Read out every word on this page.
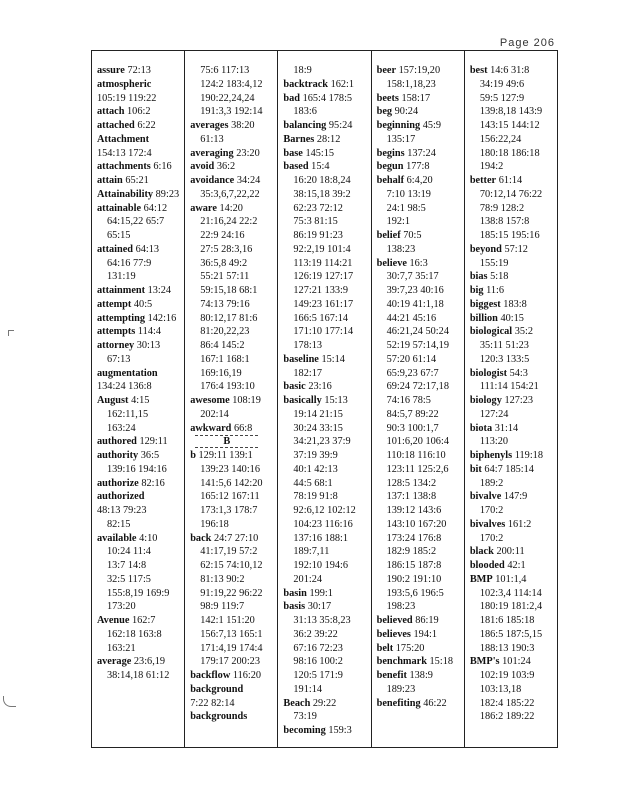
Page 206
assure 72:13
atmospheric 105:19 119:22
attach 106:2
attached 6:22
Attachment 154:13 172:4
attachments 6:16
attain 65:21
Attainability 89:23
attainable 64:12
64:15,22 65:7
65:15
attained 64:13
64:16 77:9
131:19
attainment 13:24
attempt 40:5
attempting 142:16
attempts 114:4
attorney 30:13
67:13
augmentation 134:24 136:8
August 4:15
162:11,15
163:24
authored 129:11
authority 36:5
139:16 194:16
authorize 82:16
authorized 48:13 79:23
82:15
available 4:10
10:24 11:4
13:7 14:8
32:5 117:5
155:8,19 169:9
173:20
Avenue 162:7
162:18 163:8
163:21
average 23:6,19
38:14,18 61:12
75:6 117:13
124:2 183:4,12
190:22,24,24
191:3,3 192:14
averages 38:20
61:13
averaging 23:20
avoid 36:2
avoidance 34:24
35:3,6,7,22,22
aware 14:20
21:16,24 22:2
22:9 24:16
27:5 28:3,16
36:5,8 49:2
55:21 57:11
59:15,18 68:1
74:13 79:16
80:12,17 81:6
81:20,22,23
86:4 145:2
167:1 168:1
169:16,19
176:4 193:10
awesome 108:19
202:14
awkward 66:8
B
b 129:11 139:1
139:23 140:16
141:5,6 142:20
165:12 167:11
173:1,3 178:7
196:18
back 24:7 27:10
41:17,19 57:2
62:15 74:10,12
81:13 90:2
91:19,22 96:22
98:9 119:7
142:1 151:20
156:7,13 165:1
171:4,19 174:4
179:17 200:23
backflow 116:20
background 7:22 82:14
backgrounds
18:9
backtrack 162:1
bad 165:4 178:5
183:6
balancing 95:24
Barnes 28:12
base 145:15
based 15:4
16:20 18:8,24
38:15,18 39:2
62:23 72:12
75:3 81:15
86:19 91:23
92:2,19 101:4
113:19 114:21
126:19 127:17
127:21 133:9
149:23 161:17
166:5 167:14
171:10 177:14
178:13
baseline 15:14
182:17
basic 23:16
basically 15:13
19:14 21:15
30:24 33:15
34:21,23 37:9
37:19 39:9
40:1 42:13
44:5 68:1
78:19 91:8
92:6,12 102:12
104:23 116:16
137:16 188:1
189:7,11
192:10 194:6
201:24
basin 199:1
basis 30:17
31:13 35:8,23
36:2 39:22
67:16 72:23
98:16 100:2
120:5 171:9
191:14
Beach 29:22
73:19
becoming 159:3
beer 157:19,20
158:1,18,23
beets 158:17
beg 90:24
beginning 45:9
135:17
begins 137:24
begun 177:8
behalf 6:4,20
7:10 13:19
24:1 98:5
192:1
belief 70:5
138:23
believe 16:3
30:7,7 35:17
39:7,23 40:16
40:19 41:1,18
44:21 45:16
46:21,24 50:24
52:19 57:14,19
57:20 61:14
65:9,23 67:7
69:24 72:17,18
74:16 78:5
84:5,7 89:22
90:3 100:1,7
101:6,20 106:4
110:18 116:10
123:11 125:2,6
128:5 134:2
137:1 138:8
139:12 143:6
143:10 167:20
173:24 176:8
182:9 185:2
186:15 187:8
190:2 191:10
193:5,6 196:5
198:23
believed 86:19
believes 194:1
belt 175:20
benchmark 15:18
benefit 138:9
189:23
benefiting 46:22
best 14:6 31:8
34:19 49:6
59:5 127:9
139:8,18 143:9
143:15 144:12
156:22,24
180:18 186:18
194:2
better 61:14
70:12,14 76:22
78:9 128:2
138:8 157:8
185:15 195:16
beyond 57:12
155:19
bias 5:18
big 11:6
biggest 183:8
billion 40:15
biological 35:2
35:11 51:23
120:3 133:5
biologist 54:3
111:14 154:21
biology 127:23
127:24
biota 31:14
113:20
biphenyls 119:18
bit 64:7 185:14
189:2
bivalve 147:9
170:2
bivalves 161:2
170:2
black 200:11
blooded 42:1
BMP 101:1,4
102:3,4 114:14
180:19 181:2,4
181:6 185:18
186:5 187:5,15
188:13 190:3
BMP's 101:24
102:19 103:9
103:13,18
182:4 185:22
186:2 189:22
